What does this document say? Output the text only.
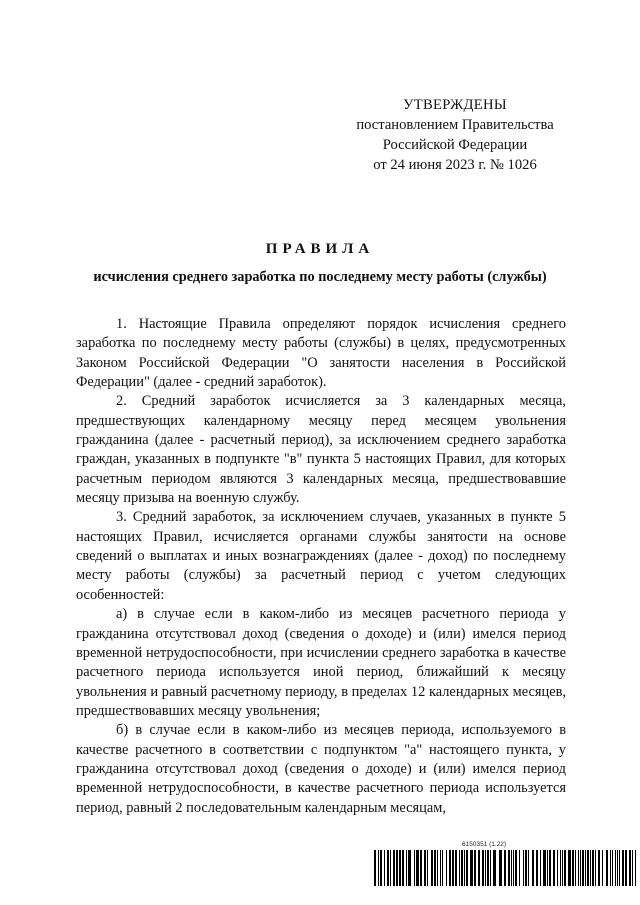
УТВЕРЖДЕНЫ
постановлением Правительства
Российской Федерации
от 24 июня 2023 г. № 1026
ПРАВИЛА
исчисления среднего заработка по последнему месту работы (службы)

1. Настоящие Правила определяют порядок исчисления среднего заработка по последнему месту работы (службы) в целях, предусмотренных Законом Российской Федерации "О занятости населения в Российской Федерации" (далее - средний заработок).

2. Средний заработок исчисляется за 3 календарных месяца, предшествующих календарному месяцу перед месяцем увольнения гражданина (далее - расчетный период), за исключением среднего заработка граждан, указанных в подпункте "в" пункта 5 настоящих Правил, для которых расчетным периодом являются 3 календарных месяца, предшествовавшие месяцу призыва на военную службу.

3. Средний заработок, за исключением случаев, указанных в пункте 5 настоящих Правил, исчисляется органами службы занятости на основе сведений о выплатах и иных вознаграждениях (далее - доход) по последнему месту работы (службы) за расчетный период с учетом следующих особенностей:

а) в случае если в каком-либо из месяцев расчетного периода у гражданина отсутствовал доход (сведения о доходе) и (или) имелся период временной нетрудоспособности, при исчислении среднего заработка в качестве расчетного периода используется иной период, ближайший к месяцу увольнения и равный расчетному периоду, в пределах 12 календарных месяцев, предшествовавших месяцу увольнения;

б) в случае если в каком-либо из месяцев периода, используемого в качестве расчетного в соответствии с подпунктом "а" настоящего пункта, у гражданина отсутствовал доход (сведения о доходе) и (или) имелся период временной нетрудоспособности, в качестве расчетного периода используется период, равный 2 последовательным календарным месяцам,

6150351 (1.22)
